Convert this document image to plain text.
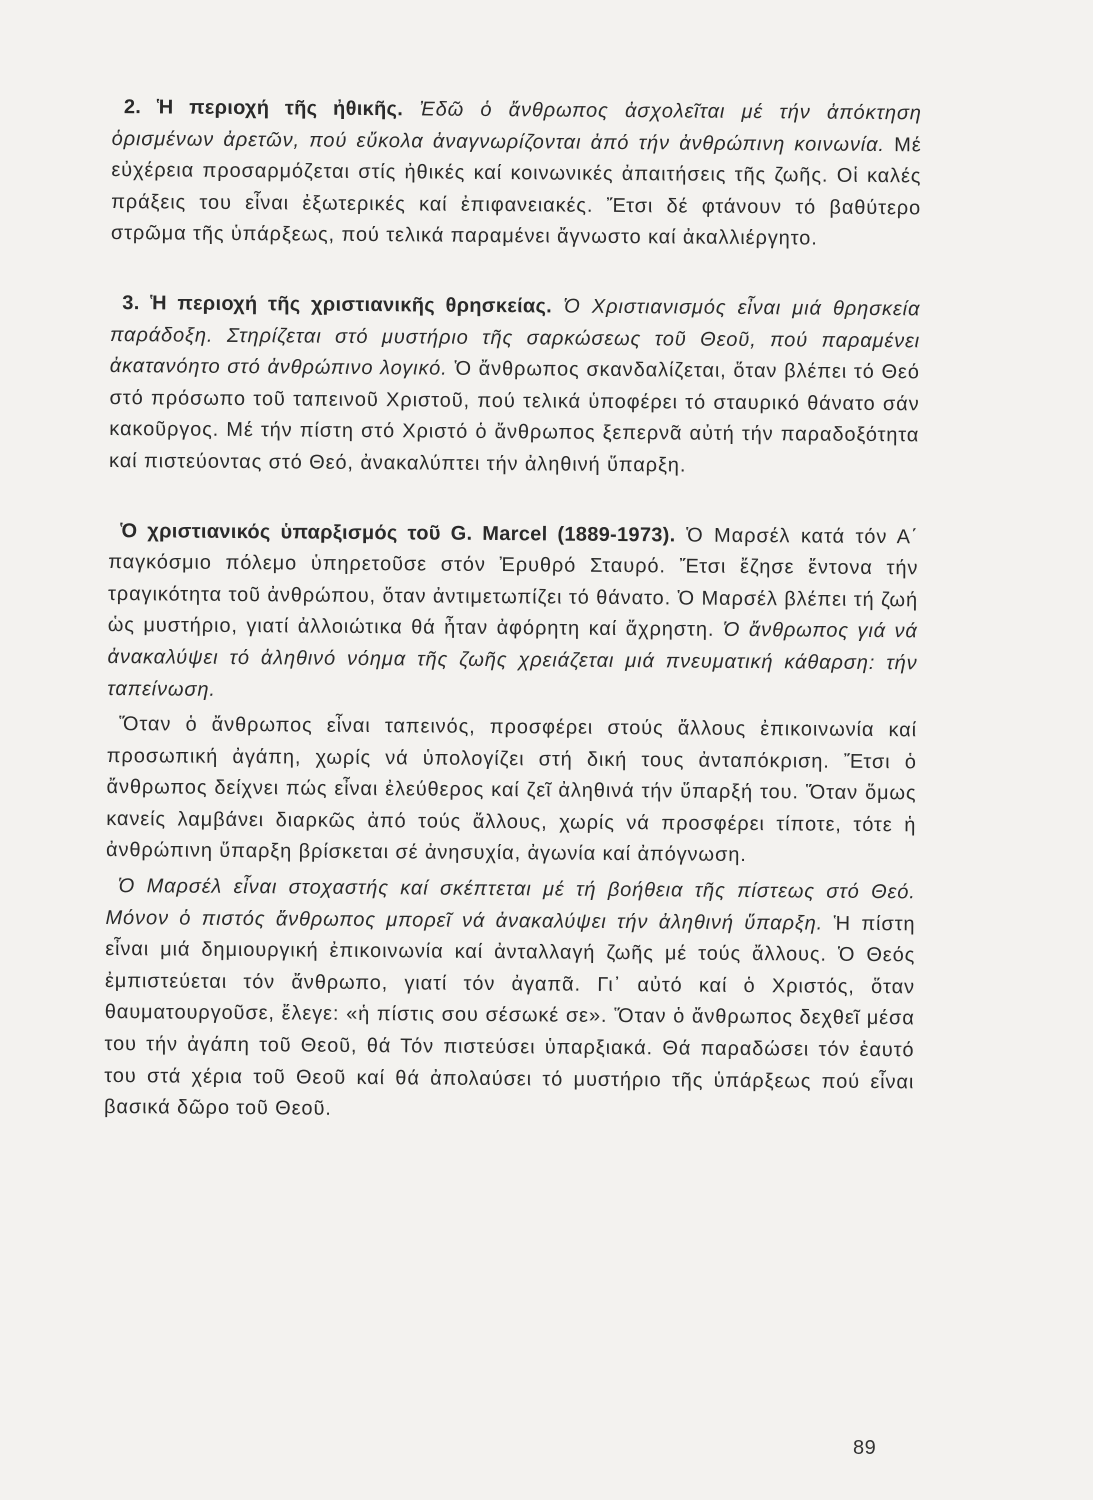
2. Ἡ περιοχή τῆς ἠθικῆς. Ἐδῶ ὁ ἄνθρωπος ἀσχολεῖται μέ τήν ἀπόκτηση ὁρισμένων ἀρετῶν, πού εὔκολα ἀναγνωρίζονται ἀπό τήν ἀνθρώπινη κοινωνία. Μέ εὐχέρεια προσαρμόζεται στίς ἠθικές καί κοινωνικές ἀπαιτήσεις τῆς ζωῆς. Οἱ καλές πράξεις του εἶναι ἐξωτερικές καί ἐπιφανειακές. Ἔτσι δέ φτάνουν τό βαθύτερο στρῶμα τῆς ὑπάρξεως, πού τελικά παραμένει ἄγνωστο καί ἀκαλλιέργητο.

3. Ἡ περιοχή τῆς χριστιανικῆς θρησκείας. Ὁ Χριστιανισμός εἶναι μιά θρησκεία παράδοξη. Στηρίζεται στό μυστήριο τῆς σαρκώσεως τοῦ Θεοῦ, πού παραμένει ἀκατανόητο στό ἀνθρώπινο λογικό. Ὁ ἄνθρωπος σκανδαλίζεται, ὅταν βλέπει τό Θεό στό πρόσωπο τοῦ ταπεινοῦ Χριστοῦ, πού τελικά ὑποφέρει τό σταυρικό θάνατο σάν κακοῦργος. Μέ τήν πίστη στό Χριστό ὁ ἄνθρωπος ξεπερνᾶ αὐτή τήν παραδοξότητα καί πιστεύοντας στό Θεό, ἀνακαλύπτει τήν ἀληθινή ὕπαρξη.

Ὁ χριστιανικός ὑπαρξισμός τοῦ G. Marcel (1889-1973). Ὁ Μαρσέλ κατά τόν Α΄ παγκόσμιο πόλεμο ὑπηρετοῦσε στόν Ἐρυθρό Σταυρό. Ἔτσι ἔζησε ἔντονα τήν τραγικότητα τοῦ ἀνθρώπου, ὅταν ἀντιμετωπίζει τό θάνατο. Ὁ Μαρσέλ βλέπει τή ζωή ὡς μυστήριο, γιατί ἀλλοιώτικα θά ἦταν ἀφόρητη καί ἄχρηστη. Ὁ ἄνθρωπος γιά νά ἀνακαλύψει τό ἀληθινό νόημα τῆς ζωῆς χρειάζεται μιά πνευματική κάθαρση: τήν ταπείνωση.

Ὅταν ὁ ἄνθρωπος εἶναι ταπεινός, προσφέρει στούς ἄλλους ἐπικοινωνία καί προσωπική ἀγάπη, χωρίς νά ὑπολογίζει στή δική τους ἀνταπόκριση. Ἔτσι ὁ ἄνθρωπος δείχνει πώς εἶναι ἐλεύθερος καί ζεῖ ἀληθινά τήν ὕπαρξή του. Ὅταν ὅμως κανείς λαμβάνει διαρκῶς ἀπό τούς ἄλλους, χωρίς νά προσφέρει τίποτε, τότε ἡ ἀνθρώπινη ὕπαρξη βρίσκεται σέ ἀνησυχία, ἀγωνία καί ἀπόγνωση.

Ὁ Μαρσέλ εἶναι στοχαστής καί σκέπτεται μέ τή βοήθεια τῆς πίστεως στό Θεό. Μόνον ὁ πιστός ἄνθρωπος μπορεῖ νά ἀνακαλύψει τήν ἀληθινή ὕπαρξη. Ἡ πίστη εἶναι μιά δημιουργική ἐπικοινωνία καί ἀνταλλαγή ζωῆς μέ τούς ἄλλους. Ὁ Θεός ἐμπιστεύεται τόν ἄνθρωπο, γιατί τόν ἀγαπᾶ. Γι᾿ αὐτό καί ὁ Χριστός, ὅταν θαυματουργοῦσε, ἔλεγε: «ἡ πίστις σου σέσωκέ σε». Ὅταν ὁ ἄνθρωπος δεχθεῖ μέσα του τήν ἀγάπη τοῦ Θεοῦ, θά Τόν πιστεύσει ὑπαρξιακά. Θά παραδώσει τόν ἑαυτό του στά χέρια τοῦ Θεοῦ καί θά ἀπολαύσει τό μυστήριο τῆς ὑπάρξεως πού εἶναι βασικά δῶρο τοῦ Θεοῦ.

89
